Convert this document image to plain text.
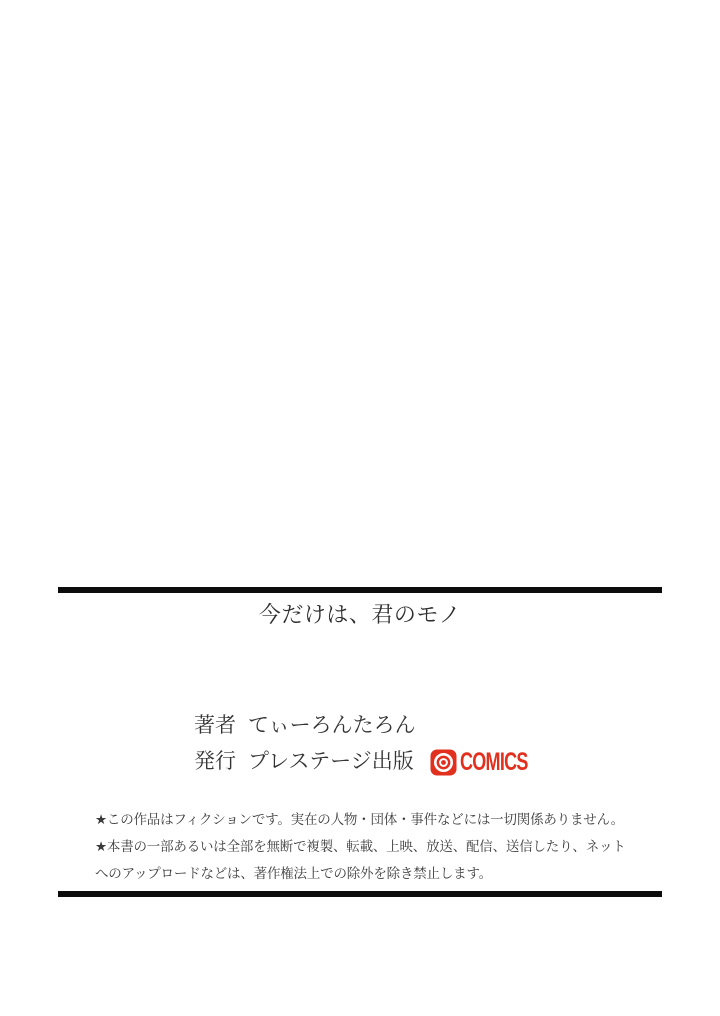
今だけは、君のモノ
著者 てぃーろんたろん
発行 プレステージ出版 COMICS
★この作品はフィクションです。実在の人物・団体・事件などには一切関係ありません。
★本書の一部あるいは全部を無断で複製、転載、上映、放送、配信、送信したり、ネット
へのアップロードなどは、著作権法上での除外を除き禁止します。
